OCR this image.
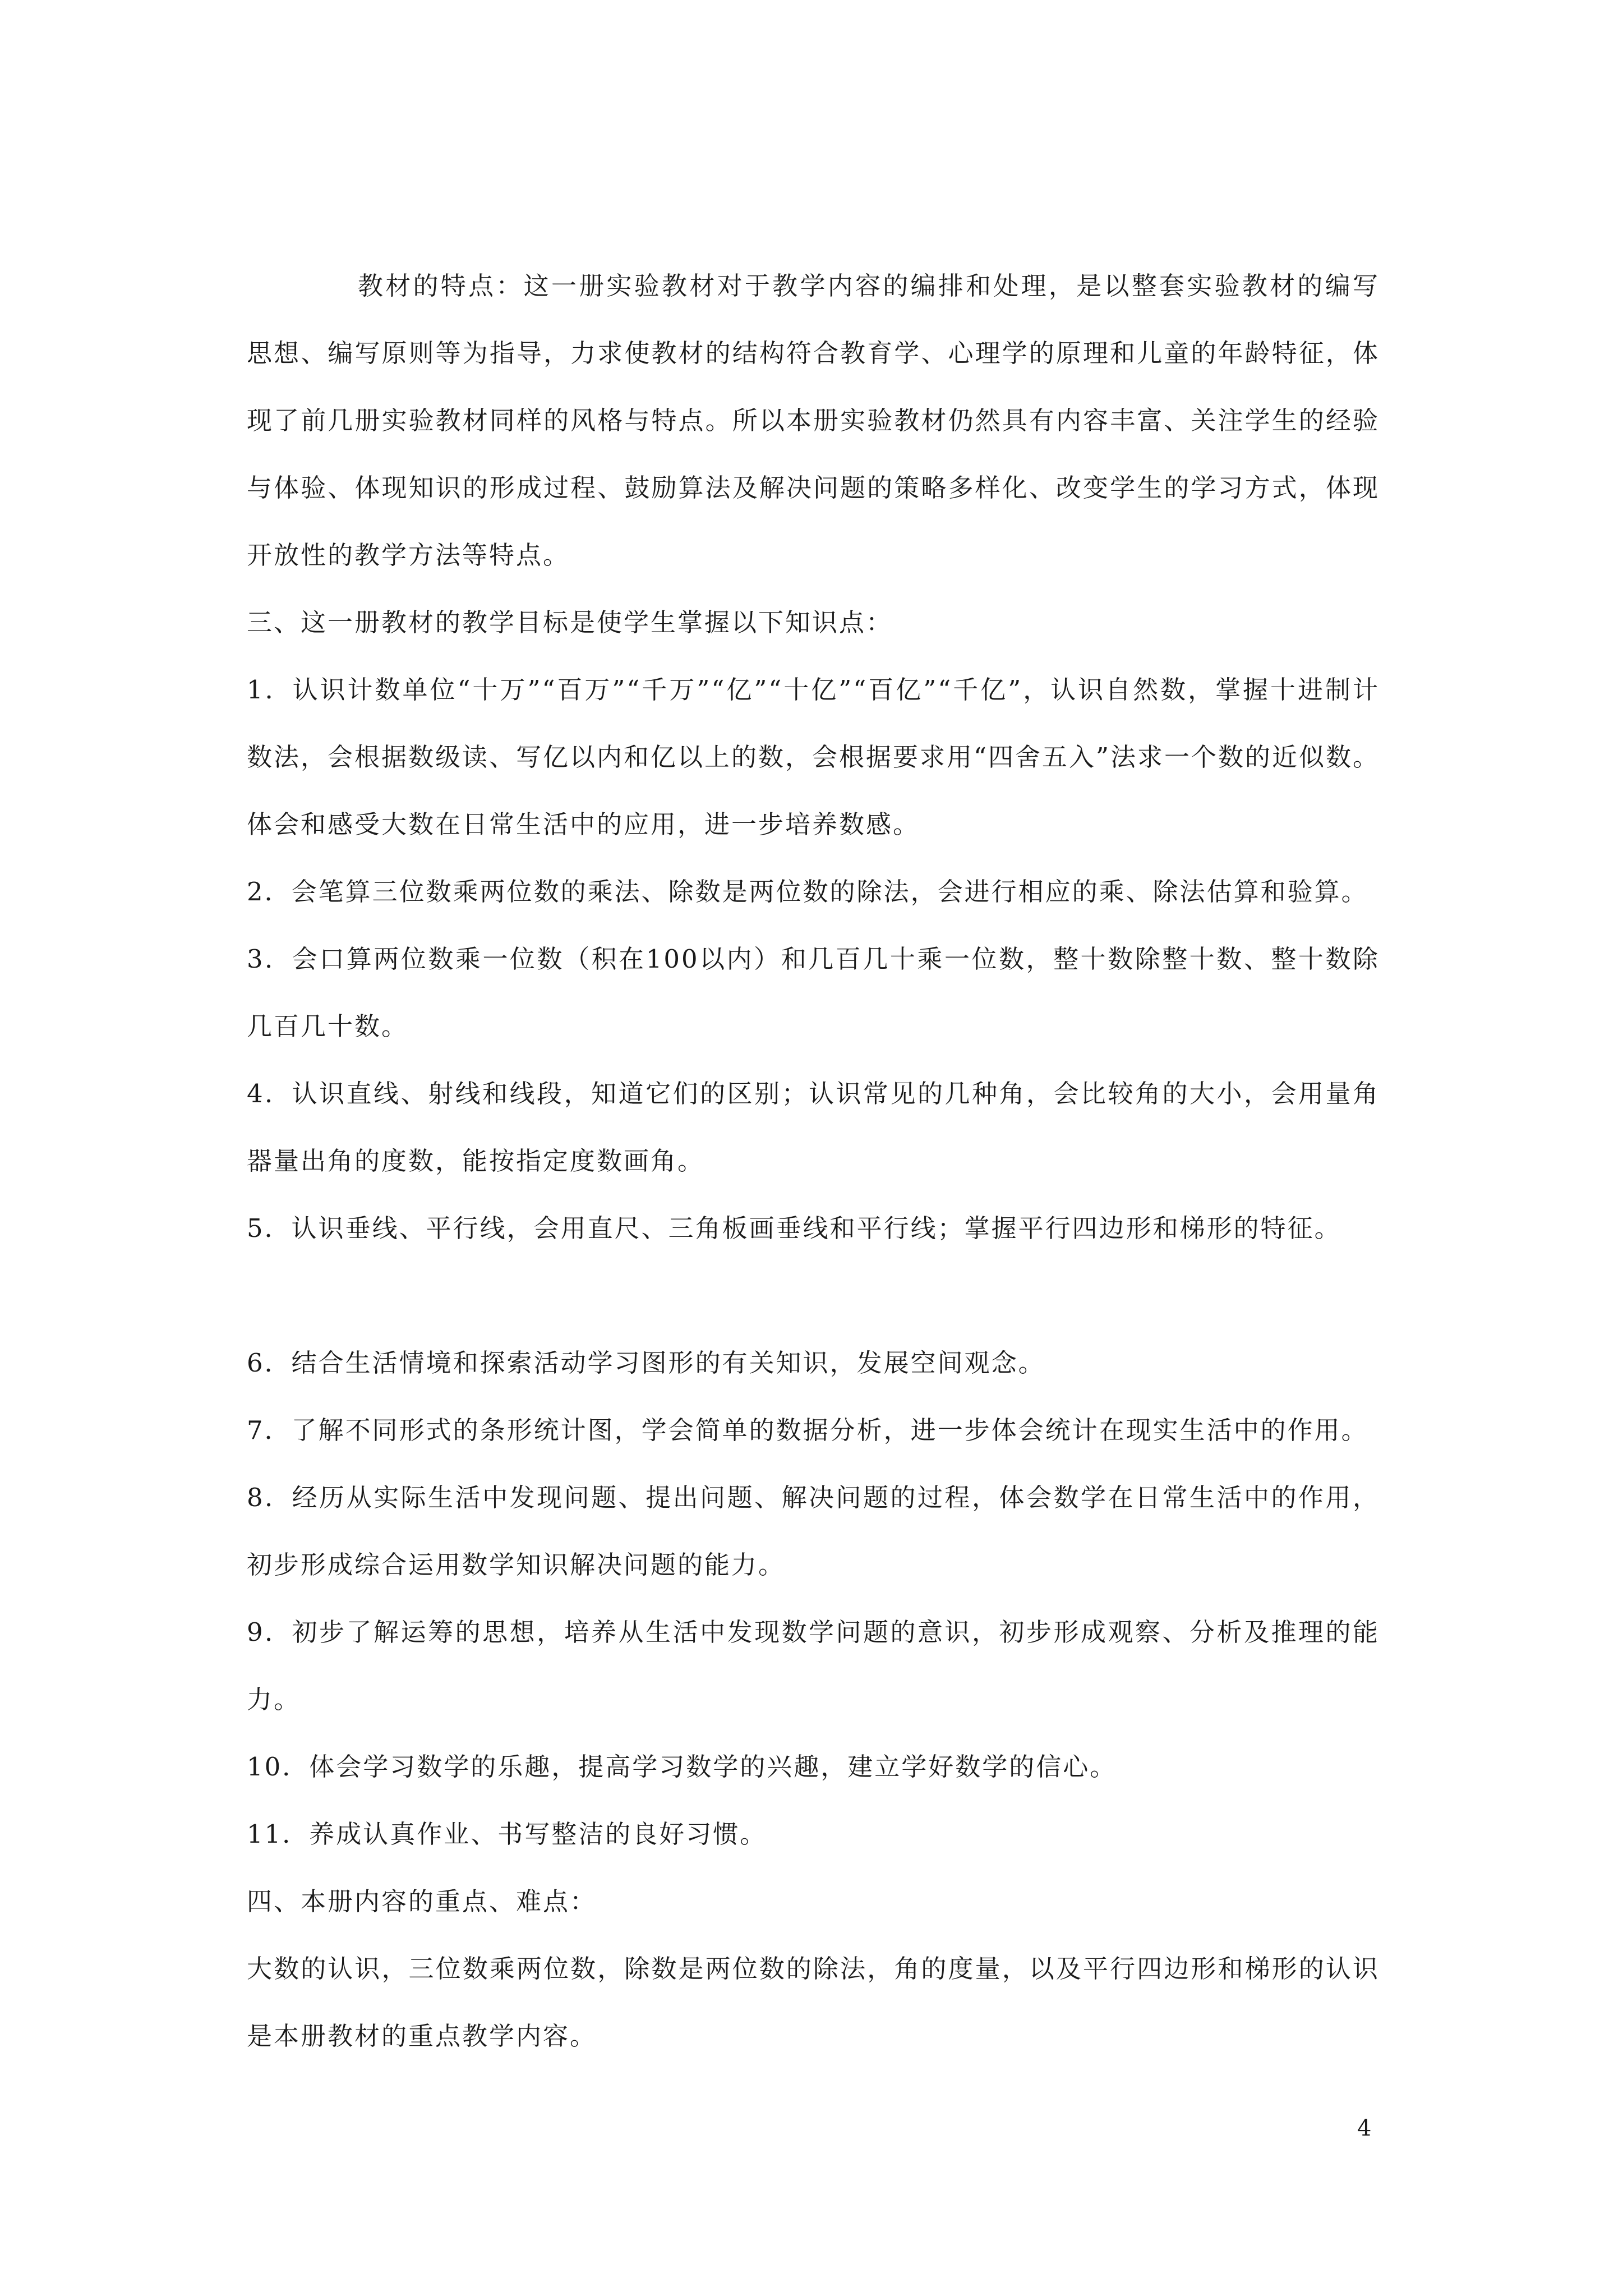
教材的特点：这一册实验教材对于教学内容的编排和处理，是以整套实验教材的编写思想、编写原则等为指导，力求使教材的结构符合教育学、心理学的原理和儿童的年龄特征，体现了前几册实验教材同样的风格与特点。所以本册实验教材仍然具有内容丰富、关注学生的经验与体验、体现知识的形成过程、鼓励算法及解决问题的策略多样化、改变学生的学习方式，体现开放性的教学方法等特点。

三、这一册教材的教学目标是使学生掌握以下知识点：

1．认识计数单位“十万”“百万”“千万”“亿”“十亿”“百亿”“千亿”，认识自然数，掌握十进制计数法，会根据数级读、写亿以内和亿以上的数，会根据要求用“四舍五入”法求一个数的近似数。体会和感受大数在日常生活中的应用，进一步培养数感。

2．会笔算三位数乘两位数的乘法、除数是两位数的除法，会进行相应的乘、除法估算和验算。

3．会口算两位数乘一位数（积在100以内）和几百几十乘一位数，整十数除整十数、整十数除几百几十数。

4．认识直线、射线和线段，知道它们的区别；认识常见的几种角，会比较角的大小，会用量角器量出角的度数，能按指定度数画角。

5．认识垂线、平行线，会用直尺、三角板画垂线和平行线；掌握平行四边形和梯形的特征。

6．结合生活情境和探索活动学习图形的有关知识，发展空间观念。

7．了解不同形式的条形统计图，学会简单的数据分析，进一步体会统计在现实生活中的作用。

8．经历从实际生活中发现问题、提出问题、解决问题的过程，体会数学在日常生活中的作用，初步形成综合运用数学知识解决问题的能力。

9．初步了解运筹的思想，培养从生活中发现数学问题的意识，初步形成观察、分析及推理的能力。

10．体会学习数学的乐趣，提高学习数学的兴趣，建立学好数学的信心。

11．养成认真作业、书写整洁的良好习惯。

四、本册内容的重点、难点：

大数的认识，三位数乘两位数，除数是两位数的除法，角的度量，以及平行四边形和梯形的认识是本册教材的重点教学内容。

4
